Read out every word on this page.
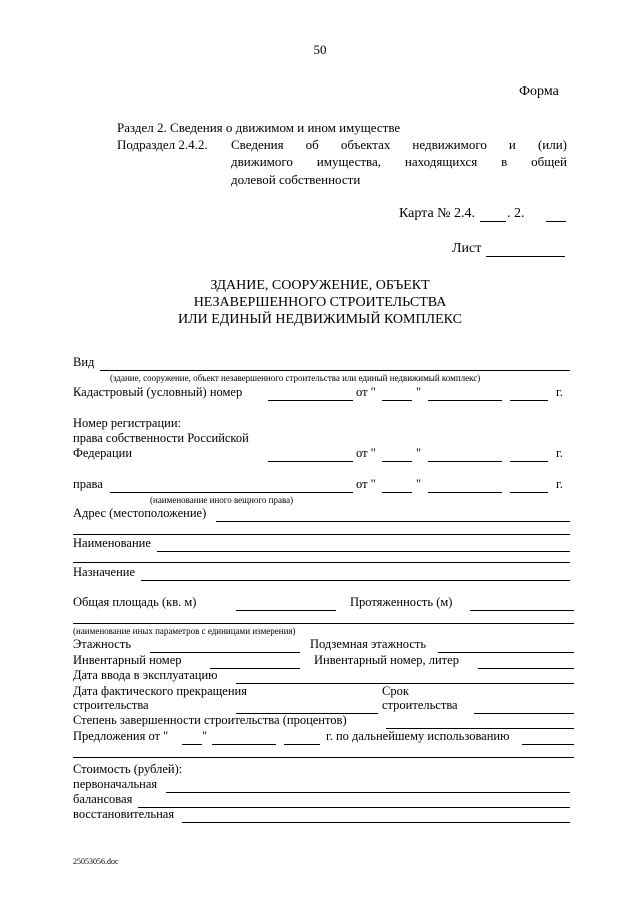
50
Форма
Раздел 2. Сведения о движимом и ином имуществе
Подраздел 2.4.2. Сведения об объектах недвижимого и (или)
движимого имущества, находящихся в общей
долевой собственности
Карта № 2.4. . 2.
Лист
ЗДАНИЕ, СООРУЖЕНИЕ, ОБЪЕКТ
НЕЗАВЕРШЕННОГО СТРОИТЕЛЬСТВА
ИЛИ ЕДИНЫЙ НЕДВИЖИМЫЙ КОМПЛЕКС
Вид
(здание, сооружение, объект незавершенного строительства или единый недвижимый комплекс)
Кадастровый (условный) номер	от "	"	г.
Номер регистрации:
права собственности Российской
Федерации	от "	"	г.
права	от "	"	г.
(наименование иного вещного права)
Адрес (местоположение)
Наименование
Назначение
Общая площадь (кв. м)	Протяженность (м)
(наименование иных параметров с единицами измерения)
Этажность	Подземная этажность
Инвентарный номер	Инвентарный номер, литер
Дата ввода в эксплуатацию
Дата фактического прекращения
строительства
Срок
строительства
Степень завершенности строительства (процентов)
Предложения от "	"	г. по дальнейшему использованию
Стоимость (рублей):
первоначальная
балансовая
восстановительная
25053056.doc
